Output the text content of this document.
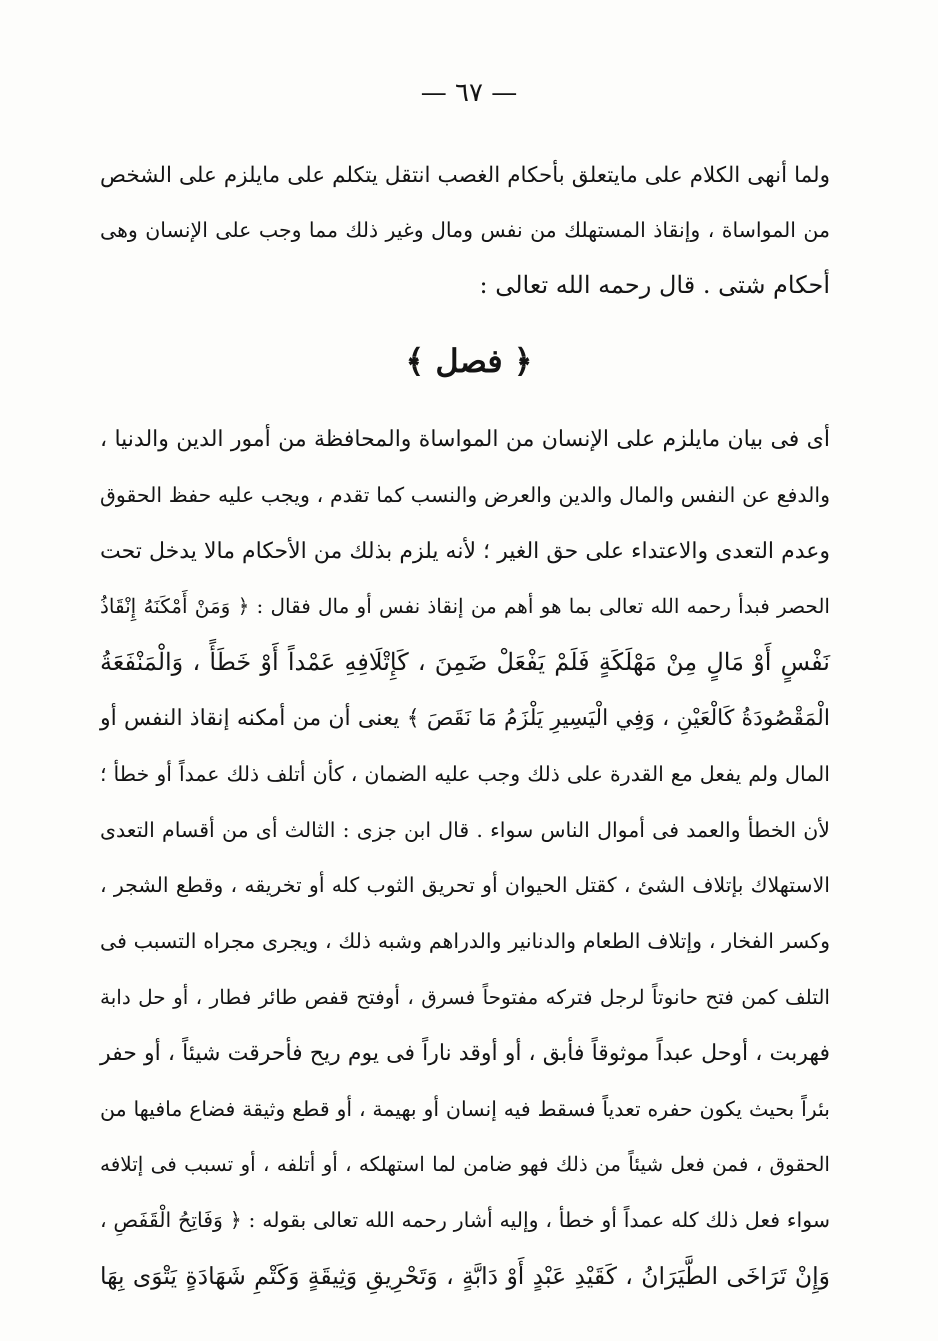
— ٦٧ —
ولما أنهى الكلام على مايتعلق بأحكام الغصب انتقل يتكلم على مايلزم على الشخص
من المواساة ، وإنقاذ المستهلك من نفس ومال وغير ذلك مما وجب على الإنسان وهى
أحكام شتى . قال رحمه الله تعالى :
﴿ فصل ﴾
أى فى بيان مايلزم على الإنسان من المواساة والمحافظة من أمور الدين والدنيا ،
والدفع عن النفس والمال والدين والعرض والنسب كما تقدم ، ويجب عليه حفظ الحقوق
وعدم التعدى والاعتداء على حق الغير ؛ لأنه يلزم بذلك من الأحكام مالا يدخل تحت
الحصر فبدأ رحمه الله تعالى بما هو أهم من إنقاذ نفس أو مال فقال : ﴿ وَمَنْ أَمْكَنَهُ إِنْقَاذُ
نَفْسٍ أَوْ مَالٍ مِنْ مَهْلَكَةٍ فَلَمْ يَفْعَلْ ضَمِنَ ، كَإِتْلَافِهِ عَمْداً أَوْ خَطَأً ، وَالْمَنْفَعَةُ
الْمَقْصُودَةُ كَالْعَيْنِ ، وَفِي الْيَسِيرِ يَلْزَمُ مَا نَقَصَ ﴾ يعنى أن من أمكنه إنقاذ النفس أو
المال ولم يفعل مع القدرة على ذلك وجب عليه الضمان ، كأن أتلف ذلك عمداً أو خطأ ؛
لأن الخطأ والعمد فى أموال الناس سواء . قال ابن جزى : الثالث أى من أقسام التعدى
الاستهلاك بإتلاف الشئ ، كقتل الحيوان أو تحريق الثوب كله أو تخريقه ، وقطع الشجر ،
وكسر الفخار ، وإتلاف الطعام والدنانير والدراهم وشبه ذلك ، ويجرى مجراه التسبب فى
التلف كمن فتح حانوتاً لرجل فتركه مفتوحاً فسرق ، أوفتح قفص طائر فطار ، أو حل دابة
فهربت ، أوحل عبداً موثوقاً فأبق ، أو أوقد ناراً فى يوم ريح فأحرقت شيئاً ، أو حفر
بئراً بحيث يكون حفره تعدياً فسقط فيه إنسان أو بهيمة ، أو قطع وثيقة فضاع مافيها من
الحقوق ، فمن فعل شيئاً من ذلك فهو ضامن لما استهلكه ، أو أتلفه ، أو تسبب فى إتلافه
سواء فعل ذلك كله عمداً أو خطأ ، وإليه أشار رحمه الله تعالى بقوله : ﴿ وَفَاتِحُ الْقَفَصِ ،
وَإِنْ تَرَاخَى الطَّيَرَانُ ، كَقَيْدِ عَبْدٍ أَوْ دَابَّةٍ ، وَتَحْرِيقِ وَثِيقَةٍ وَكَتْمِ شَهَادَةٍ يَتْوَى بِهَا
